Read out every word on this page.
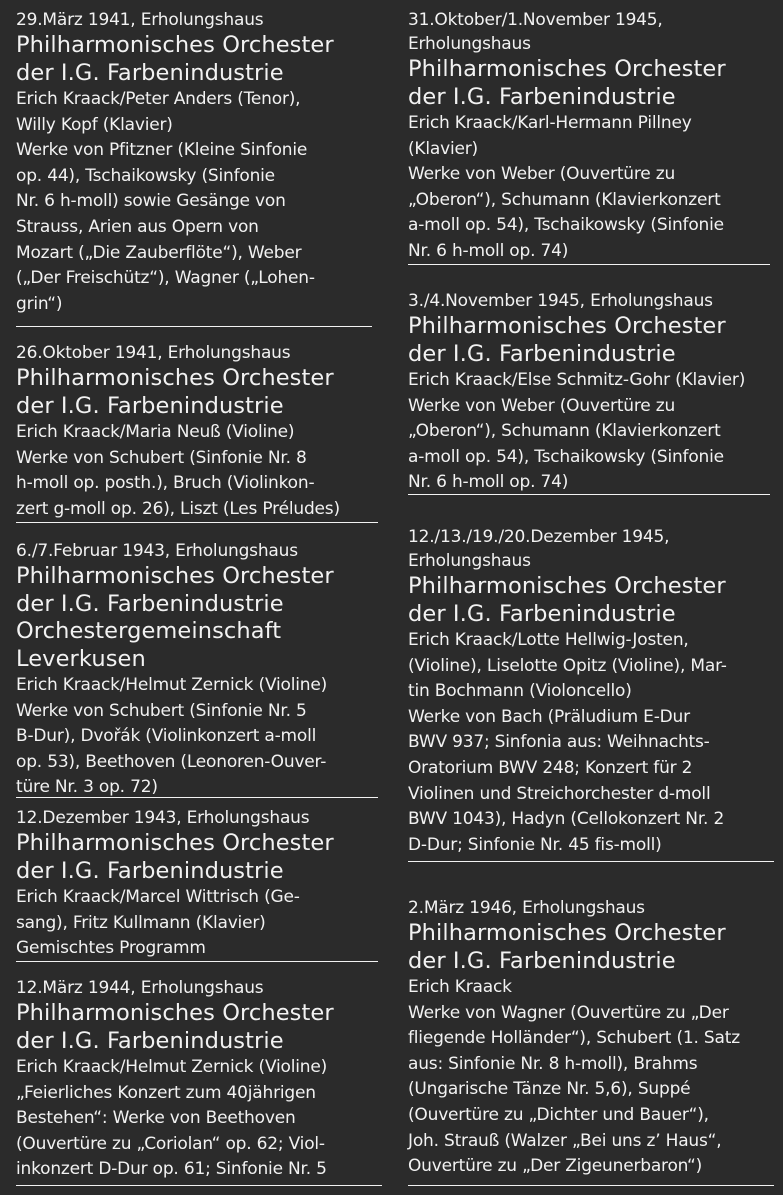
29.März 1941, Erholungshaus

Philharmonisches Orchester

der I.G. Farbenindustrie

Erich Kraack/Peter Anders (Tenor),

Willy Kopf (Klavier)

Werke von Pfitzner (Kleine Sinfonie

op. 44), Tschaikowsky (Sinfonie

Nr. 6 h-moll) sowie Gesänge von

Strauss, Arien aus Opern von

Mozart („Die Zauberflöte“), Weber

(„Der Freischütz“), Wagner („Lohen-

grin“)

26.Oktober 1941, Erholungshaus

Philharmonisches Orchester

der I.G. Farbenindustrie

Erich Kraack/Maria Neuß (Violine)

Werke von Schubert (Sinfonie Nr. 8

h-moll op. posth.), Bruch (Violinkon-

zert g-moll op. 26), Liszt (Les Préludes)

6./7.Februar 1943, Erholungshaus

Philharmonisches Orchester

der I.G. Farbenindustrie

Orchestergemeinschaft

Leverkusen

Erich Kraack/Helmut Zernick (Violine)

Werke von Schubert (Sinfonie Nr. 5

B-Dur), Dvořák (Violinkonzert a-moll

op. 53), Beethoven (Leonoren-Ouver-

türe Nr. 3 op. 72)

12.Dezember 1943, Erholungshaus

Philharmonisches Orchester

der I.G. Farbenindustrie

Erich Kraack/Marcel Wittrisch (Ge-

sang), Fritz Kullmann (Klavier)

Gemischtes Programm

12.März 1944, Erholungshaus

Philharmonisches Orchester

der I.G. Farbenindustrie

Erich Kraack/Helmut Zernick (Violine)

„Feierliches Konzert zum 40jährigen

Bestehen“: Werke von Beethoven

(Ouvertüre zu „Coriolan“ op. 62; Viol-

inkonzert D-Dur op. 61; Sinfonie Nr. 5

31.Oktober/1.November 1945,

Erholungshaus

Philharmonisches Orchester

der I.G. Farbenindustrie

Erich Kraack/Karl-Hermann Pillney

(Klavier)

Werke von Weber (Ouvertüre zu

„Oberon“), Schumann (Klavierkonzert

a-moll op. 54), Tschaikowsky (Sinfonie

Nr. 6 h-moll op. 74)

3./4.November 1945, Erholungshaus

Philharmonisches Orchester

der I.G. Farbenindustrie

Erich Kraack/Else Schmitz-Gohr (Klavier)

Werke von Weber (Ouvertüre zu

„Oberon“), Schumann (Klavierkonzert

a-moll op. 54), Tschaikowsky (Sinfonie

Nr. 6 h-moll op. 74)

12./13./19./20.Dezember 1945,

Erholungshaus

Philharmonisches Orchester

der I.G. Farbenindustrie

Erich Kraack/Lotte Hellwig-Josten,

(Violine), Liselotte Opitz (Violine), Mar-

tin Bochmann (Violoncello)

Werke von Bach (Präludium E-Dur

BWV 937; Sinfonia aus: Weihnachts-

Oratorium BWV 248; Konzert für 2

Violinen und Streichorchester d-moll

BWV 1043), Hadyn (Cellokonzert Nr. 2

D-Dur; Sinfonie Nr. 45 fis-moll)

2.März 1946, Erholungshaus

Philharmonisches Orchester

der I.G. Farbenindustrie

Erich Kraack

Werke von Wagner (Ouvertüre zu „Der

fliegende Holländer“), Schubert (1. Satz

aus: Sinfonie Nr. 8 h-moll), Brahms

(Ungarische Tänze Nr. 5,6), Suppé

(Ouvertüre zu „Dichter und Bauer“),

Joh. Strauß (Walzer „Bei uns z’ Haus“,

Ouvertüre zu „Der Zigeunerbaron“)
